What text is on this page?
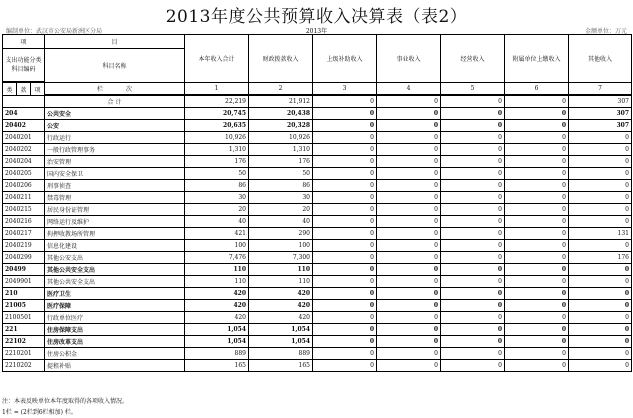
2013年度公共预算收入决算表（表2）
编制单位：武汉市公安局新洲区分局	2013年	金额单位：万元
项			目	本年收入合计	财政拨款收入	上级补助收入	事业收入	经营收入	附属单位上缴收入	其他收入
支出功能分类科目编码			科目名称							

类	款	项	栏 次	1	2	3	4	5	6	7

			合 计	22,219	21,912	0	0	0	0	307
204			公共安全	20,745	20,438	0	0	0	0	307
20402			公安	20,635	20,328	0	0	0	0	307
2040201			行政运行	10,926	10,926	0	0	0	0	0
2040202			一般行政管理事务	1,310	1,310	0	0	0	0	0
2040204			治安管理	176	176	0	0	0	0	0
2040205			国内安全保卫	50	50	0	0	0	0	0
2040206			刑事侦查	86	86	0	0	0	0	0
2040211			禁毒管理	30	30	0	0	0	0	0
2040215			居民身份证管理	20	20	0	0	0	0	0
2040216			网络运行及维护	40	40	0	0	0	0	0
2040217			拘押收教场所管理	421	290	0	0	0	0	131
2040219			信息化建设	100	100	0	0	0	0	0
2040299			其他公安支出	7,476	7,300	0	0	0	0	176
20499			其他公共安全支出	110	110	0	0	0	0	0
2049901			其他公共安全支出	110	110	0	0	0	0	0
210			医疗卫生	420	420	0	0	0	0	0
21005			医疗保障	420	420	0	0	0	0	0
2100501			行政单位医疗	420	420	0	0	0	0	0
221			住房保障支出	1,054	1,054	0	0	0	0	0
22102			住房改革支出	1,054	1,054	0	0	0	0	0
2210201			住房公积金	889	889	0	0	0	0	0
2210202			提租补贴	165	165	0	0	0	0	0
注：本表反映单位本年度取得的各项收入情况。
1栏 = (2栏到6栏相加) 栏。
